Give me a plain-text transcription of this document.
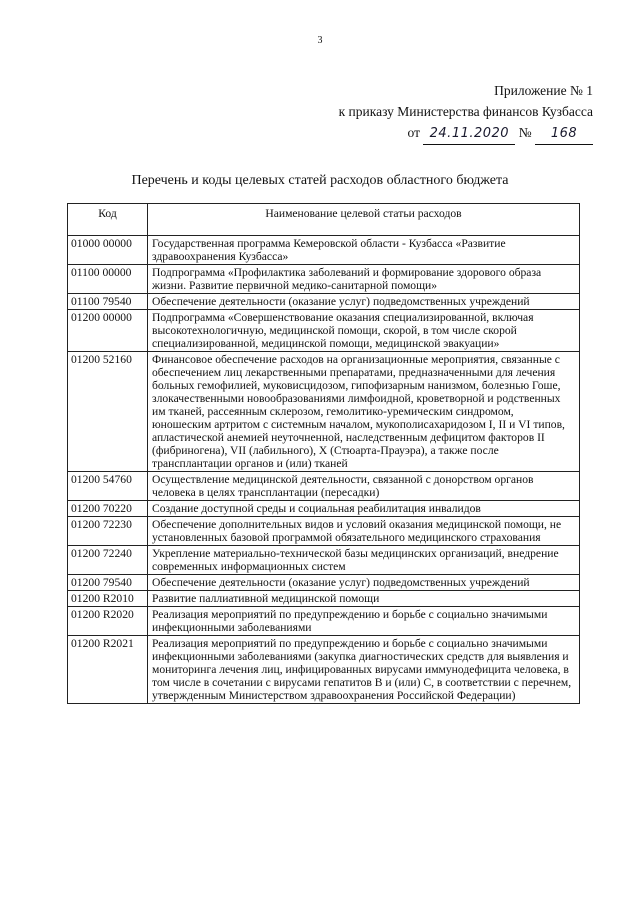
3
Приложение № 1
к приказу Министерства финансов Кузбасса
от 24.11.2020 № 168
Перечень и коды целевых статей расходов областного бюджета
Код	Наименование целевой статьи расходов
01000 00000	Государственная программа Кемеровской области - Кузбасса «Развитие здравоохранения Кузбасса»
01100 00000	Подпрограмма «Профилактика заболеваний и формирование здорового образа жизни. Развитие первичной медико-санитарной помощи»
01100 79540	Обеспечение деятельности (оказание услуг) подведомственных учреждений
01200 00000	Подпрограмма «Совершенствование оказания специализированной, включая высокотехнологичную, медицинской помощи, скорой, в том числе скорой специализированной, медицинской помощи, медицинской эвакуации»
01200 52160	Финансовое обеспечение расходов на организационные мероприятия, связанные с обеспечением лиц лекарственными препаратами, предназначенными для лечения больных гемофилией, муковисцидозом, гипофизарным нанизмом, болезнью Гоше, злокачественными новообразованиями лимфоидной, кроветворной и родственных им тканей, рассеянным склерозом, гемолитико-уремическим синдромом, юношеским артритом с системным началом, мукополисахаридозом I, II и VI типов, апластической анемией неуточненной, наследственным дефицитом факторов II (фибриногена), VII (лабильного), X (Стюарта-Прауэра), а также после трансплантации органов и (или) тканей
01200 54760	Осуществление медицинской деятельности, связанной с донорством органов человека в целях трансплантации (пересадки)
01200 70220	Создание доступной среды и социальная реабилитация инвалидов
01200 72230	Обеспечение дополнительных видов и условий оказания медицинской помощи, не установленных базовой программой обязательного медицинского страхования
01200 72240	Укрепление материально-технической базы медицинских организаций, внедрение современных информационных систем
01200 79540	Обеспечение деятельности (оказание услуг) подведомственных учреждений
01200 R2010	Развитие паллиативной медицинской помощи
01200 R2020	Реализация мероприятий по предупреждению и борьбе с социально значимыми инфекционными заболеваниями
01200 R2021	Реализация мероприятий по предупреждению и борьбе с социально значимыми инфекционными заболеваниями (закупка диагностических средств для выявления и мониторинга лечения лиц, инфицированных вирусами иммунодефицита человека, в том числе в сочетании с вирусами гепатитов В и (или) С, в соответствии с перечнем, утвержденным Министерством здравоохранения Российской Федерации)
